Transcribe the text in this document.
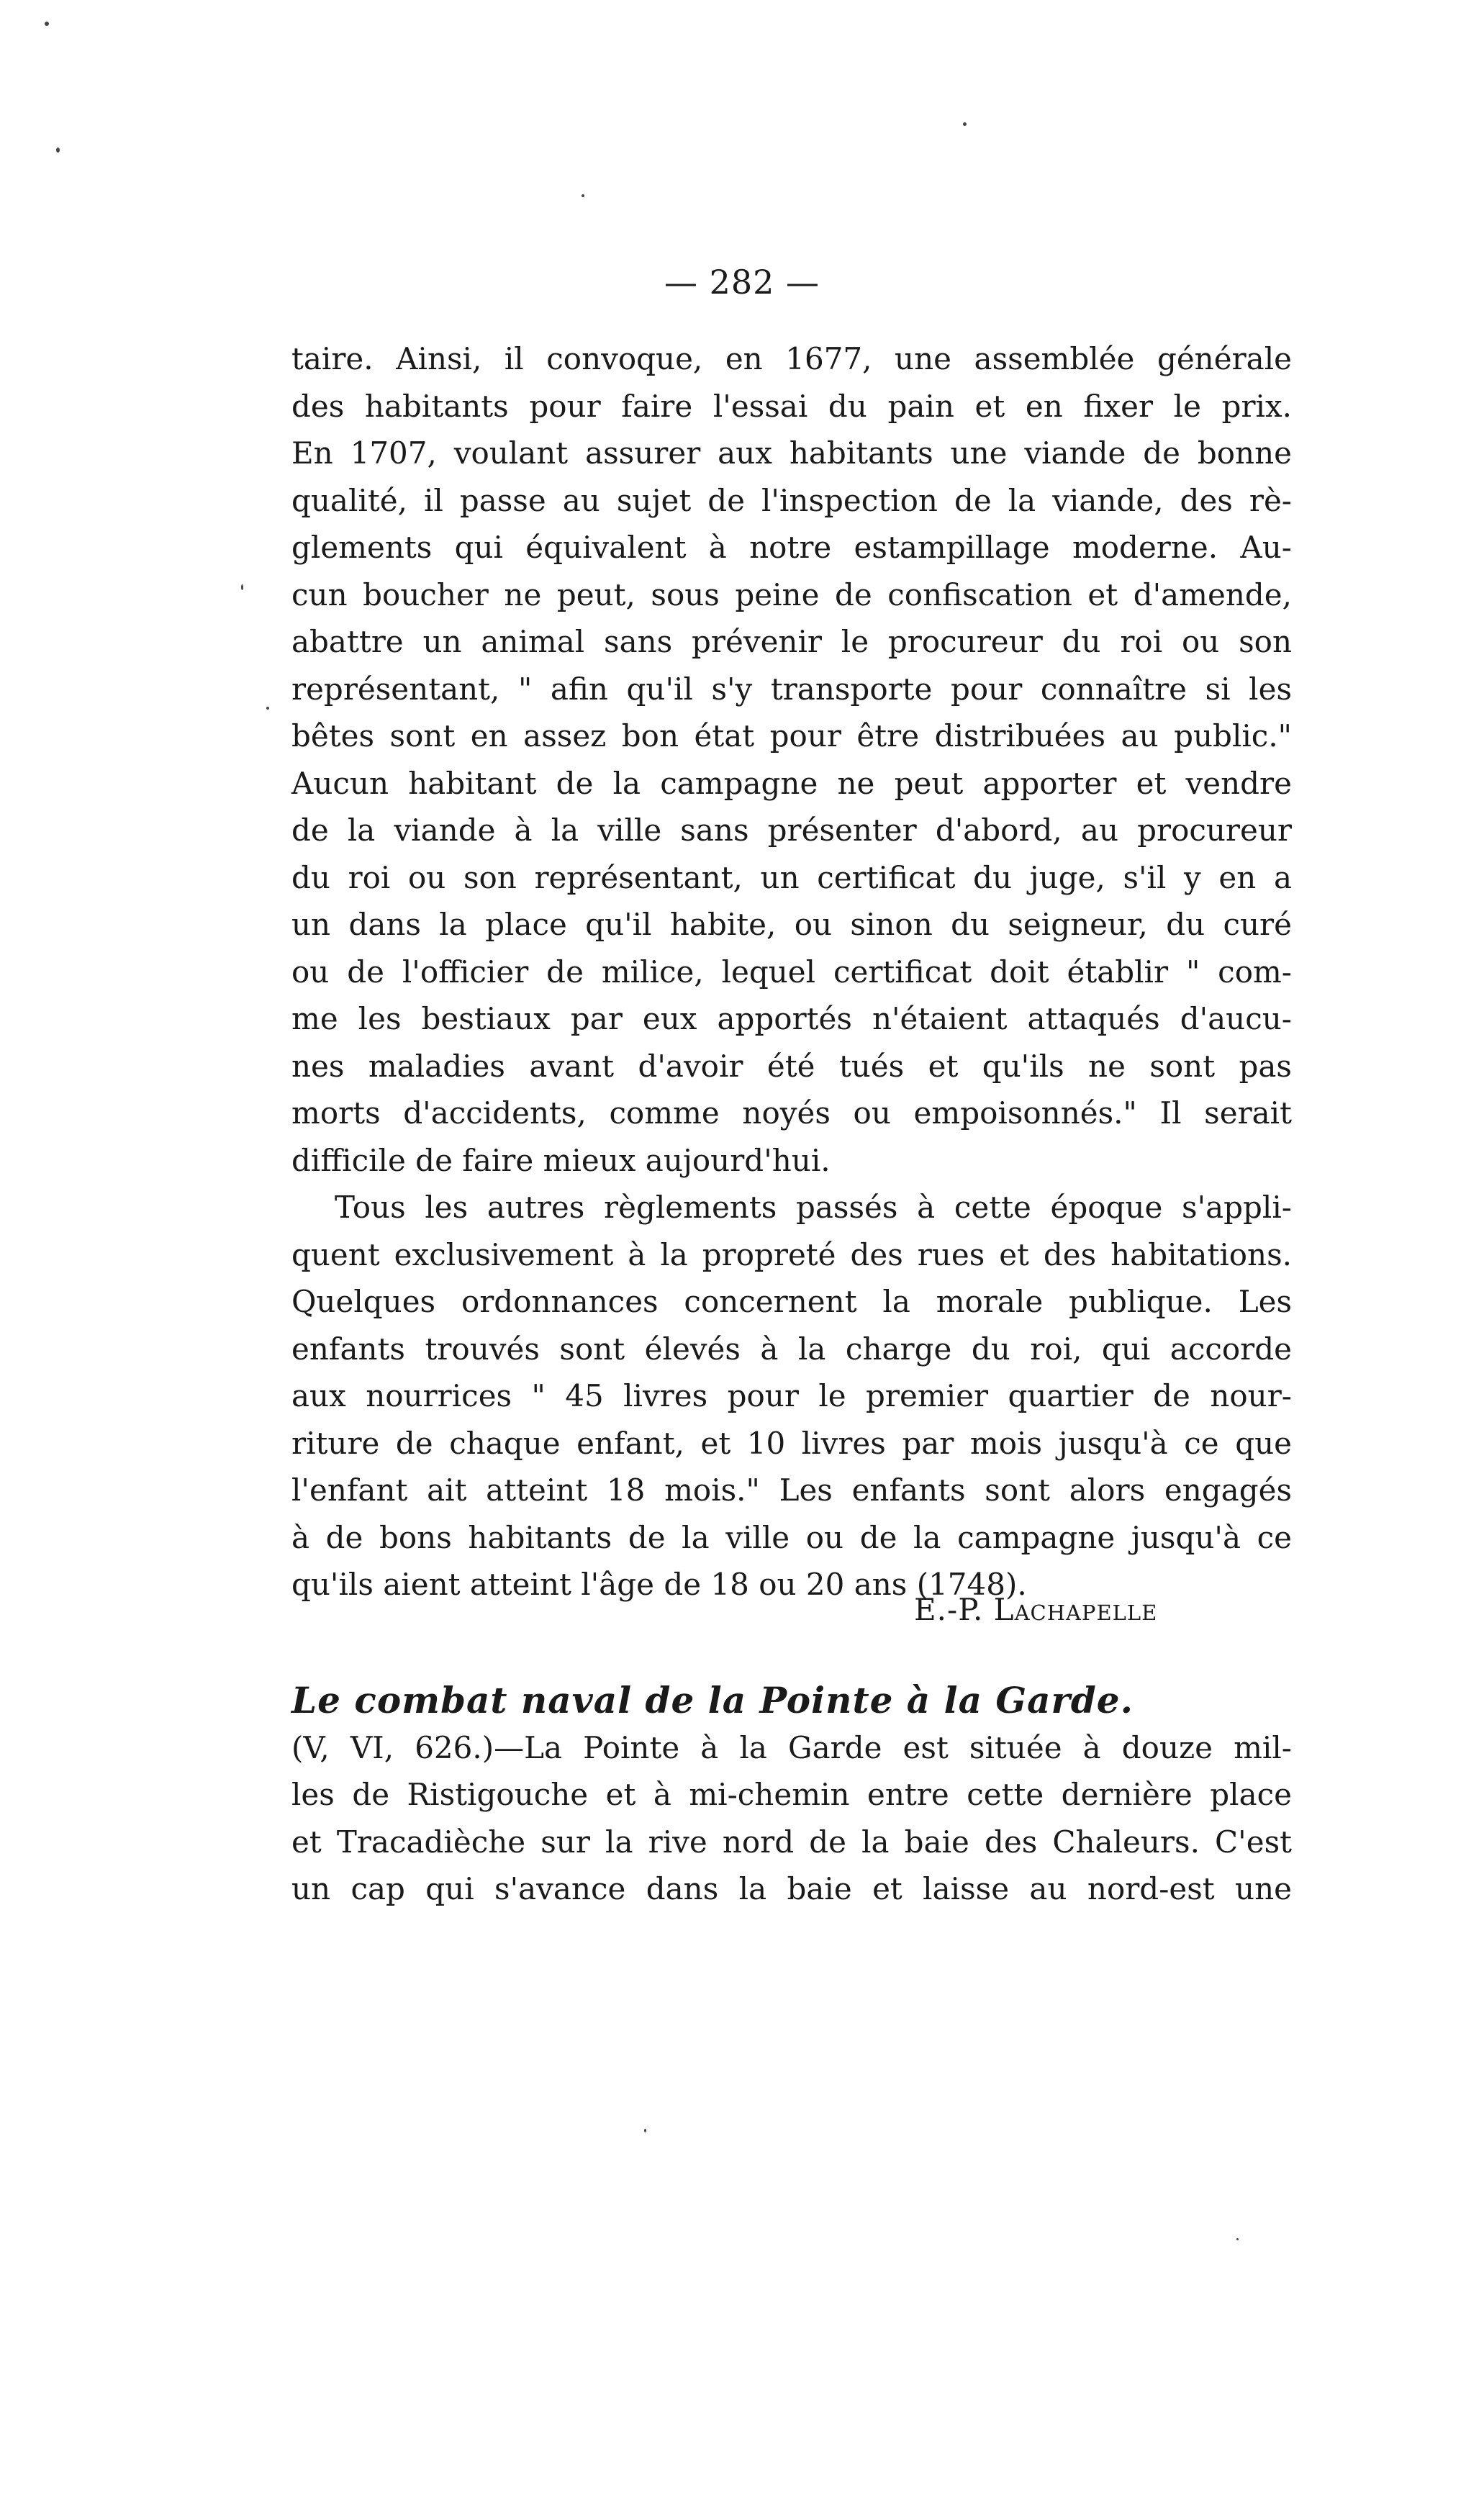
— 282 —
taire. Ainsi, il convoque, en 1677, une assemblée générale
des habitants pour faire l'essai du pain et en fixer le prix.
En 1707, voulant assurer aux habitants une viande de bonne
qualité, il passe au sujet de l'inspection de la viande, des rè-
glements qui équivalent à notre estampillage moderne. Au-
cun boucher ne peut, sous peine de confiscation et d'amende,
abattre un animal sans prévenir le procureur du roi ou son
représentant, " afin qu'il s'y transporte pour connaître si les
bêtes sont en assez bon état pour être distribuées au public."
Aucun habitant de la campagne ne peut apporter et vendre
de la viande à la ville sans présenter d'abord, au procureur
du roi ou son représentant, un certificat du juge, s'il y en a
un dans la place qu'il habite, ou sinon du seigneur, du curé
ou de l'officier de milice, lequel certificat doit établir " com-
me les bestiaux par eux apportés n'étaient attaqués d'aucu-
nes maladies avant d'avoir été tués et qu'ils ne sont pas
morts d'accidents, comme noyés ou empoisonnés." Il serait
difficile de faire mieux aujourd'hui.
Tous les autres règlements passés à cette époque s'appli-
quent exclusivement à la propreté des rues et des habitations.
Quelques ordonnances concernent la morale publique. Les
enfants trouvés sont élevés à la charge du roi, qui accorde
aux nourrices " 45 livres pour le premier quartier de nour-
riture de chaque enfant, et 10 livres par mois jusqu'à ce que
l'enfant ait atteint 18 mois." Les enfants sont alors engagés
à de bons habitants de la ville ou de la campagne jusqu'à ce
qu'ils aient atteint l'âge de 18 ou 20 ans (1748).
E.-P. Lachapelle
Le combat naval de la Pointe à la Garde.
(V, VI, 626.)—La Pointe à la Garde est située à douze mil-
les de Ristigouche et à mi-chemin entre cette dernière place
et Tracadièche sur la rive nord de la baie des Chaleurs. C'est
un cap qui s'avance dans la baie et laisse au nord-est une
